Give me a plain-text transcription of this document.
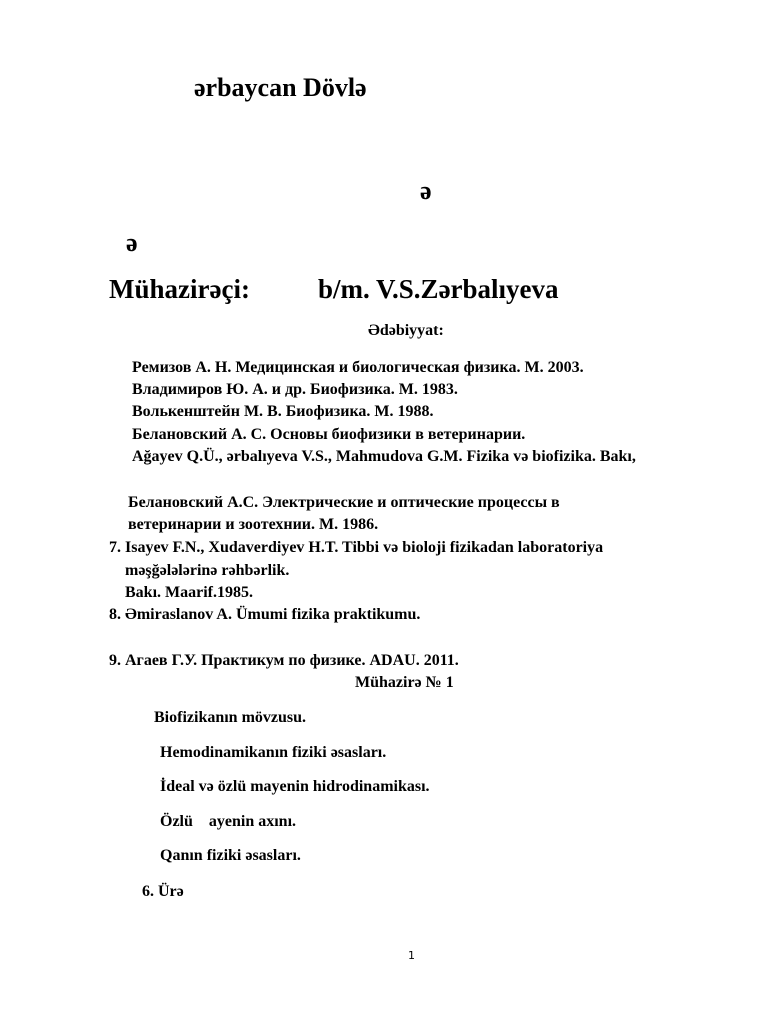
ərbaycan Dövlə
ə
ə
Mühazirəçi:	b/m. V.S.Zərbalıyeva
Ədəbiyyat:
Ремизов А. Н. Медицинская и биологическая физика. М. 2003.
Владимиров Ю. А. и др. Биофизика. М. 1983.
Волькенштейн М. В. Биофизика. М. 1988.
Белановский А. С. Основы биофизики в ветеринарии.
Ağayev Q.Ü., ərbalıyeva V.S., Mahmudova G.M. Fizika və biofizika. Bakı,
Белановский А.С. Электрические и оптические процессы в
ветеринарии и зоотехнии. М. 1986.
7. Isayev F.N., Xudaverdiyev H.T. Tibbi və bioloji fizikadan laboratoriya
məşğələlərinə rəhbərlik.
Bakı. Maarif.1985.
8. Əmiraslanov A. Ümumi fizika praktikumu.
9. Агаев Г.У. Практикум по физике. ADAU. 2011.
Mühazirə № 1
Biofizikanın mövzusu.
Hemodinamikanın fiziki əsasları.
İdeal və özlü mayenin hidrodinamikası.
Özlü    ayenin axını.
Qanın fiziki əsasları.
6. Ürə
1
